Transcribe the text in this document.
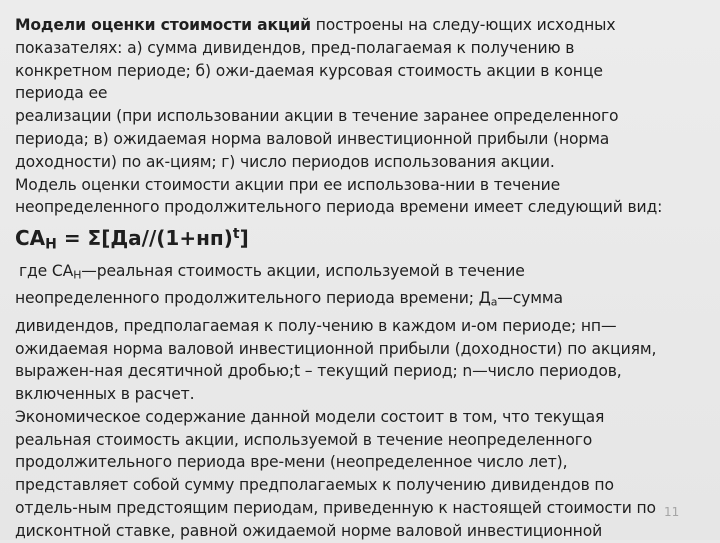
Модели оценки стоимости акций построены на следу-ющих исходных
показателях: а) сумма дивидендов, пред-полагаемая к получению в
конкретном периоде; б) ожи-даемая курсовая стоимость акции в конце
периода ее
реализации (при использовании акции в течение заранее определенного
периода; в) ожидаемая норма валовой инвестиционной прибыли (норма
доходности) по ак-циям; г) число периодов использования акции.
Модель оценки стоимости акции при ее использова-нии в течение
неопределенного продолжительного периода времени имеет следующий вид:
$СА_Н = \Sigma[Да//(1+нп)^t]$
где $СА_Н—реальная$ стоимость акции, используемой в течение
неопределенного продолжительного периода времени; $Д_а—сумма$
дивидендов, предполагаемая к полу-чению в каждом и-ом периоде; нп—
ожидаемая норма валовой инвестиционной прибыли (доходности) по акциям,
выражен-ная десятичной дробью;t – текущий период; n—число периодов,
включенных в расчет.
Экономическое содержание данной модели состоит в том, что текущая
реальная стоимость акции, используемой в течение неопределенного
продолжительного периода вре-мени (неопределенное число лет),
представляет собой сумму предполагаемых к получению дивидендов по
отдель-ным предстоящим периодам, приведенную к настоящей стоимости по
дисконтной ставке, равной ожидаемой норме валовой инвестиционной
11
